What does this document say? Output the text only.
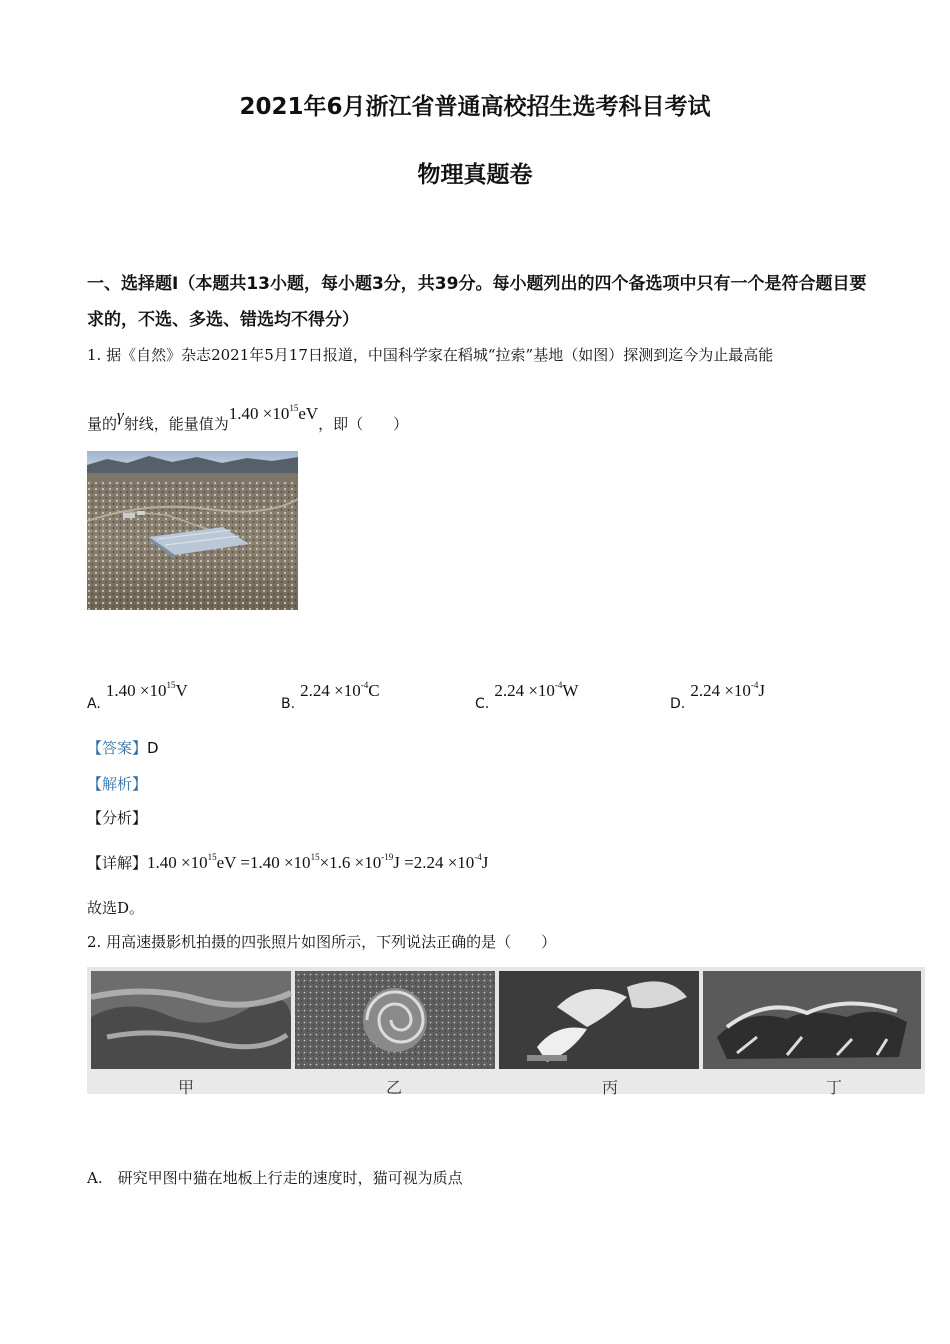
2021年6月浙江省普通高校招生选考科目考试
物理真题卷
一、选择题Ⅰ（本题共13小题，每小题3分，共39分。每小题列出的四个备选项中只有一个是符合题目要求的，不选、多选、错选均不得分）
1. 据《自然》杂志2021年5月17日报道，中国科学家在稻城“拉索”基地（如图）探测到迄今为止最高能
量的γ射线，能量值为$1.40 \times 10^{15}eV$，即（　　）
A. $1.40 \times 10^{15}V$
B. $2.24 \times 10^{-4}C$
C. $2.24 \times 10^{-4}W$
D. $2.24 \times 10^{-4}J$
【答案】D
【解析】
【分析】
【详解】$1.40 \times 10^{15}eV =1.40 \times 10^{15}\times 1.6 \times 10^{-19}J =2.24 \times 10^{-4}J$
故选D。
2. 用高速摄影机拍摄的四张照片如图所示，下列说法正确的是（　　）
甲	乙	丙	丁
A.　研究甲图中猫在地板上行走的速度时，猫可视为质点
